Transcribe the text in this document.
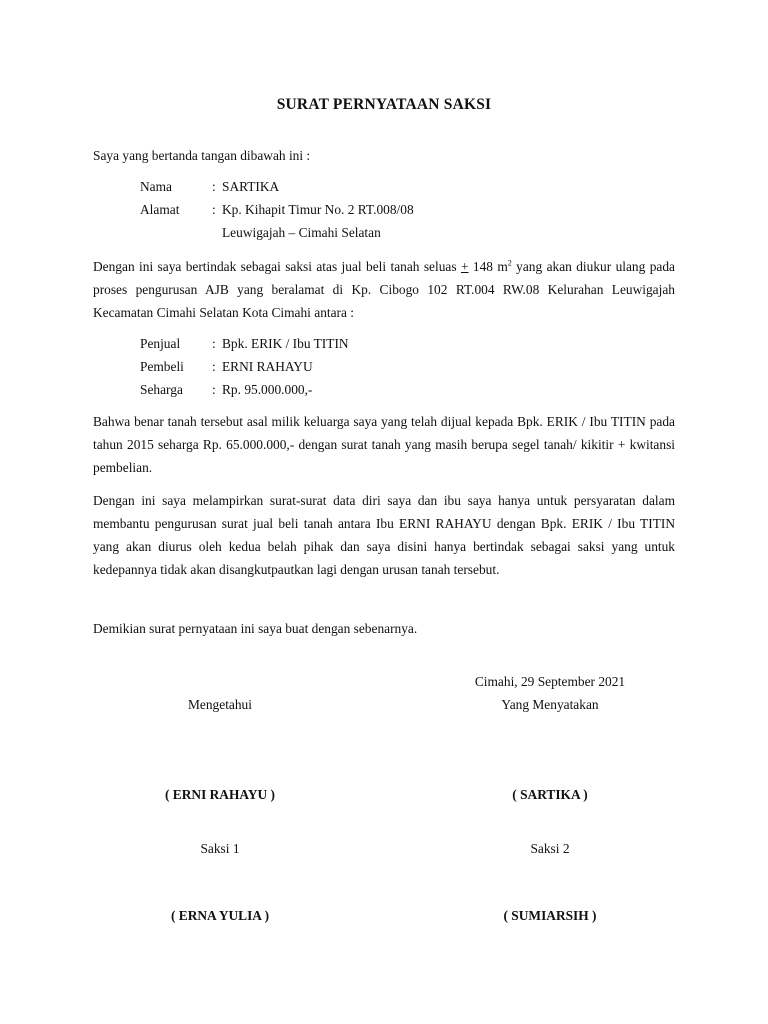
SURAT PERNYATAAN SAKSI
Saya yang bertanda tangan dibawah ini :
Nama	: SARTIKA
Alamat : Kp. Kihapit Timur No. 2 RT.008/08
Leuwigajah – Cimahi Selatan
Dengan ini saya bertindak sebagai saksi atas jual beli tanah seluas + 148 $m^2$ yang akan diukur ulang pada proses pengurusan AJB yang beralamat di Kp. Cibogo 102 RT.004 RW.08 Kelurahan Leuwigajah Kecamatan Cimahi Selatan Kota Cimahi antara :
Penjual : Bpk. ERIK / Ibu TITIN
Pembeli : ERNI RAHAYU
Seharga : Rp. 95.000.000,-
Bahwa benar tanah tersebut asal milik keluarga saya yang telah dijual kepada Bpk. ERIK / Ibu TITIN pada tahun 2015 seharga Rp. 65.000.000,- dengan surat tanah yang masih berupa segel tanah/ kikitir + kwitansi pembelian.
Dengan ini saya melampirkan surat-surat data diri saya dan ibu saya hanya untuk persyaratan dalam membantu pengurusan surat jual beli tanah antara Ibu ERNI RAHAYU dengan Bpk. ERIK / Ibu TITIN yang akan diurus oleh kedua belah pihak dan saya disini hanya bertindak sebagai saksi yang untuk kedepannya tidak akan disangkutpautkan lagi dengan urusan tanah tersebut.
Demikian surat pernyataan ini saya buat dengan sebenarnya.
Cimahi, 29 September 2021
Mengetahui	Yang Menyatakan
( ERNI RAHAYU )	( SARTIKA )
Saksi 1	Saksi 2
( ERNA YULIA )	( SUMIARSIH )
